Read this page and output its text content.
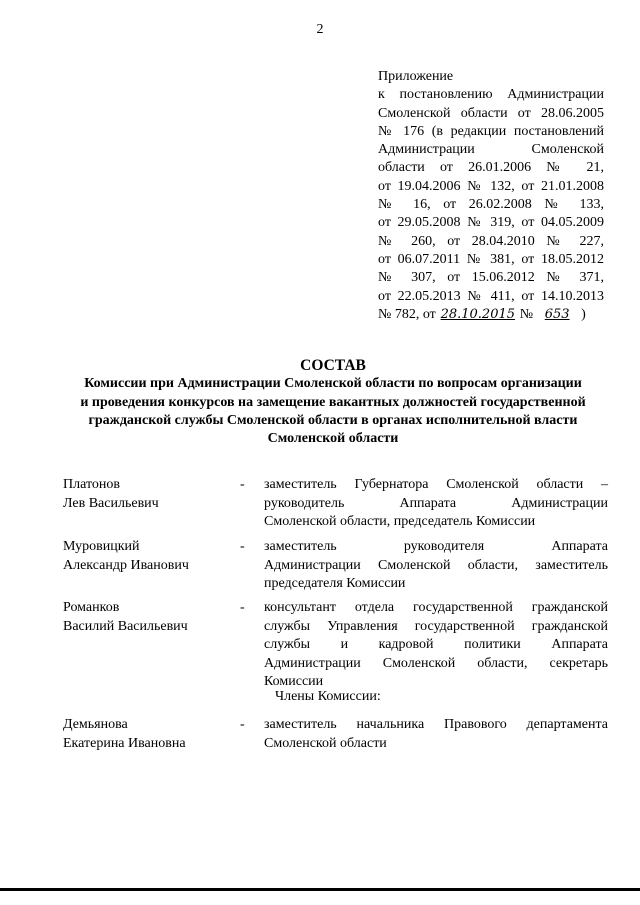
2
Приложение
к постановлению Администрации
Смоленской области от 28.06.2005
№ 176 (в редакции постановлений
Администрации Смоленской
области от 26.01.2006 № 21,
от 19.04.2006 № 132, от 21.01.2008
№ 16, от 26.02.2008 № 133,
от 29.05.2008 № 319, от 04.05.2009
№ 260, от 28.04.2010 № 227,
от 06.07.2011 № 381, от 18.05.2012
№ 307, от 15.06.2012 № 371,
от 22.05.2013 № 411, от 14.10.2013
№ 782, от 28.10.2015 № 653 )
СОСТАВ
Комиссии при Администрации Смоленской области по вопросам организации
и проведения конкурсов на замещение вакантных должностей государственной
гражданской службы Смоленской области в органах исполнительной власти
Смоленской области
Платонов
Лев Васильевич
-	заместитель Губернатора Смоленской области –
руководитель Аппарата Администрации
Смоленской области, председатель Комиссии
Муровицкий
Александр Иванович
-	заместитель руководителя Аппарата
Администрации Смоленской области, заместитель
председателя Комиссии
Романков
Василий Васильевич
-	консультант отдела государственной гражданской
службы Управления государственной гражданской
службы и кадровой политики Аппарата
Администрации Смоленской области, секретарь
Комиссии
Демьянова
Екатерина Ивановна
-	заместитель начальника Правового департамента
Смоленской области
Члены Комиссии:
